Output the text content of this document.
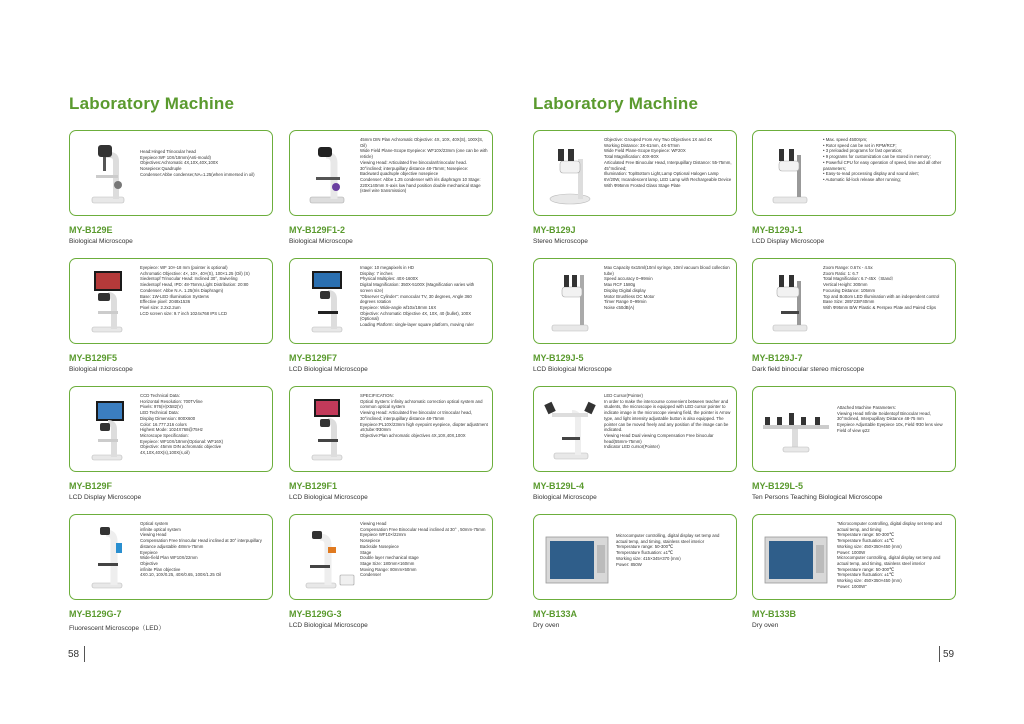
Laboratory Machine
Head:Hinged Trinocular head
Eyepiece:WF 10X/18mm(Anti-mould)
Objectives:Achromatic 4X,10X,40X,100X
Nosepiece:Quadruple
Condenser:Abbe condenser,NA=1.25(when immersed in oil)
MY-B129E
Biological Microscope
45mm DIN Plan Achromatic Objective: 4X, 10X, 40X(S), 100X(S, Oil)
Wide Field Plane-Scope Eyepiece: WF10X/23mm (one can be with reticle)
Viewing Head: Articulated free binocular/trinocular head. 30°inclined; interpupillary distance 48-75mm; Nosepiece: Backward quadruple objective nosepiece
Condenser: Abbe 1.25 condenser with iris diaphragm 10 Stage: 220X140mm X-axis low hand position double mechanical stage (steel wire transmission)
MY-B129F1-2
Biological Microscope
Eyepiece: WF 10×-18 mm (pointer is optional)
Achromatic Objective: 4×, 10×, 40×(S), 100×1.25 (Oil) (S)
Siedentopf Trinocular Head: Inclined 30°, Swiveling
Siedentopf Head, IPD: 48-75mm,Light Distribution: 20:80
Condenser: Abbe N.A. 1.25(Iris Diaphragm)
Base: 1W-LED Illumination Systems
Effective pixel: 2048x1536
Pixel size: 2.2x2.2um
LCD screen size: 9.7 inch 1024x768 IPS LCD
MY-B129F5
Biological microscope
Image: 10 megapixels in HD
Display: 7 inches
Physical Multiples: 40X-1600X
Digital Magnification: 350X-5100X (Magnification varies with screen size)
"Observer Cylinder": monocular TV, 30 degrees, Angle 360 degrees rotation
Eyepiece: Wide-angle wf10x/18mm 16X
Objective: Achromatic Objective 4X, 10X, 40 (bullet), 100X (Optional)
Loading Platform: single-layer square platform, moving ruler
MY-B129F7
LCD Biological Microscope
CCD Technical Data:
Horizontal Resolution: 700TVline
Pixels: 976(H)X582(V)
LED Technical Data:
Display Dimension: 800X600
Color: 16.777.216 colors
Highest Mode: 1024X768@75Hz
Microscope Specification:
Eyepiece: WF10X/18mm(Optional: WF16X)
Objective: 45mm DIN achromatic objective 4X,10X,40X(s),100X(s,oil)
MY-B129F
LCD Display Microscope
SPECIFICATION:
Optical System: infinity achromatic correction optical system and common optical system
Viewing Head: Articulated free binocular or trinocular head, 30°inclined; interpupillary distance 48-75mm
Eyepiece:PL10X/23mm high eyepoint eyepiece, diopter adjustment ±5;tube:Φ30mm
Objective:Plan achromatic objectives 4X,10X,40X,100X
MY-B129F1
LCD Biological Microscope
Optical system
infinite optical system
Viewing Head
Compensation Free trinocular Head inclined at 30° interpupillary distance adjustable 48mm-75mm
Eyepiece
Wide-field Plan WF10X/22mm
Objective
infinite Plan objective
4X0.10, 10X/0.25, 40X/0.65, 100X/1.25 Oil
MY-B129G-7
Fluorescent Microscope（LED）
Viewing Head
Compensation Free Binocular Head inclined at 30° , 50mm-75mm
Eyepiece WF10×/22mm
Nosepiece
Backside Nosepiece
Stage
Double layer mechanical stage
Stage Size: 180mm×160mm
Moving Range: 80mm×50mm
Condenser
MY-B129G-3
LCD Biological Microscope
58
Laboratory Machine
Objective: Grouped From Any Two Objectives 1X and 4X
Working Distance: 3X-61mm, 4X-57mm
Wide Field Plane-Scope Eyepiece: WF20X
Total Magnification: 40X-80X
Articulated Free Binocular Head, Interpupillary Distance: 55-75mm, 45°Inclined;
Illumination: Top/Bottom Light,Lamp Optional Halogen Lamp 6V/20W, Incandescent lamp, LED Lamp with Rechargeable Device
With Φ95mm Frosted Glass Stage Plate
MY-B129J
Stereo Microscope
• Max. speed 4500rpm;
• Rotor speed can be set in RPM/RCF;
• 3 preloaded programs for fast operation;
• 9 programs for customization can be stored in memory;
• Powerful CPU for easy operation of speed, time and all other parameters;
• Easy-to-read processing display and sound alert;
• Automatic lid-lock release after running;
MY-B129J-1
LCD Display Microscope
Max Capacity 6x15ml(10ml syringe, 10ml vacuum blood collection tube)
Speed accuracy 0~99min
Max RCF 1580g
Display Digital display
Motor Brushless DC Motor
Timer Range 0~99min
Noise ≤50dB(A)
MY-B129J-5
LCD Biological Microscope
Zoom Range: 0.67x - 4.5x
Zoom Ratio: 1: 6.7
Total Magnification: 6.7-45X（Stand）
Vertical Height: 300mm
Focusing Distance: 105mm
Top and Bottom LED Illumination with an independent control
Base Size: 285*238*40mm
With Φ95mm B/W Plastic & Perspex Plate and Paired Clips
MY-B129J-7
Dark field binocular stereo microscope
LED Cursor(Pointer)
In order to make the intercourse convenient between teacher and students, the microscope is equipped with LED cursor pointer to indicate image in the microscope viewing field, the pointer is Arrow type, and light intensity adjustable button is also equipped. The pointer can be moved freely and any position of the image can be indicated.
Viewing Head Dual viewing Compensation Free binocular head(55mm-75mm)
Indicator LED cursor(Pointer)
MY-B129L-4
Biological Microscope
Attached Machine Parameters:
Viewing Head Infinite Seidentopf Binocular Head, 30°Inclined, Interpupillary Distance 48-75 mm
Eyepiece Adjustable Eyepiece 10x, Field Φ30 lens view
Field of view φ22
MY-B129L-5
Ten Persons Teaching Biological Microscope
Microcomputer controlling, digital display set temp and actual temp, and timing, stainless steel interior
Temperature range: 50-300℃
Temperature fluctuation: ±1℃
Working size: 415×345×370 (mm)
Power: 850W
MY-B133A
Dry oven
"Microcomputer controlling, digital display set temp and actual temp, and timing
Temperature range: 50-300℃
Temperature fluctuation: ±1℃
Working size: 450×350×450 (mm)
Power: 1000W
Microcomputer controlling, digital display set temp and actual temp, and timing, stainless steel interior
Temperature range: 50-300℃
Temperature fluctuation: ±1℃
Working size: 450×350×450 (mm)
Power: 1000W"
MY-B133B
Dry oven
59
